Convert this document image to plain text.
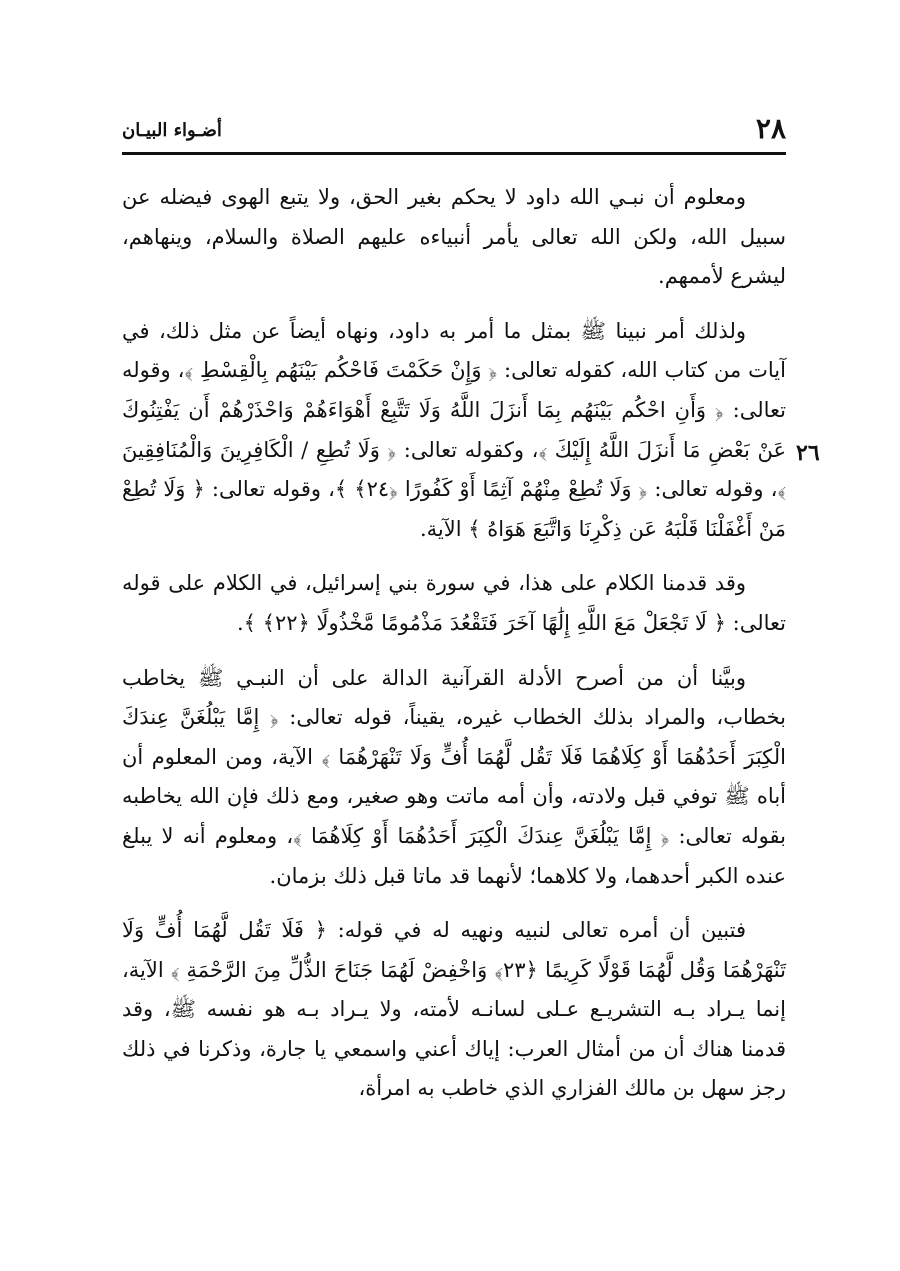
٢٨
أضـواء البيـان
٢٦

ومعلوم أن نبـي الله داود لا يحكم بغير الحق، ولا يتبع الهوى فيضله عن سبيل الله، ولكن الله تعالى يأمر أنبياءه عليهم الصلاة والسلام، وينهاهم، ليشرع لأممهم.

ولذلك أمر نبينا ﷺ بمثل ما أمر به داود، ونهاه أيضاً عن مثل ذلك، في آيات من كتاب الله، كقوله تعالى: ﴿ وَإِنْ حَكَمْتَ فَاحْكُم بَيْنَهُم بِالْقِسْطِ ﴾، وقوله تعالى: ﴿ وَأَنِ احْكُم بَيْنَهُم بِمَا أَنزَلَ اللَّهُ وَلَا تَتَّبِعْ أَهْوَاءَهُمْ وَاحْذَرْهُمْ أَن يَفْتِنُوكَ عَنْ بَعْضِ مَا أَنزَلَ اللَّهُ إِلَيْكَ ﴾، وكقوله تعالى: ﴿ وَلَا تُطِعِ / الْكَافِرِينَ وَالْمُنَافِقِينَ ﴾، وقوله تعالى: ﴿ وَلَا تُطِعْ مِنْهُمْ آثِمًا أَوْ كَفُورًا ﴿٢٤﴾ ﴾، وقوله تعالى: ﴿ وَلَا تُطِعْ مَنْ أَغْفَلْنَا قَلْبَهُ عَن ذِكْرِنَا وَاتَّبَعَ هَوَاهُ ﴾ الآية.

وقد قدمنا الكلام على هذا، في سورة بني إسرائيل، في الكلام على قوله تعالى: ﴿ لَا تَجْعَلْ مَعَ اللَّهِ إِلَٰهًا آخَرَ فَتَقْعُدَ مَذْمُومًا مَّخْذُولًا ﴿٢٢﴾ ﴾.

وبيَّنا أن من أصرح الأدلة القرآنية الدالة على أن النبـي ﷺ يخاطب بخطاب، والمراد بذلك الخطاب غيره، يقيناً، قوله تعالى: ﴿ إِمَّا يَبْلُغَنَّ عِندَكَ الْكِبَرَ أَحَدُهُمَا أَوْ كِلَاهُمَا فَلَا تَقُل لَّهُمَا أُفٍّ وَلَا تَنْهَرْهُمَا ﴾ الآية، ومن المعلوم أن أباه ﷺ توفي قبل ولادته، وأن أمه ماتت وهو صغير، ومع ذلك فإن الله يخاطبه بقوله تعالى: ﴿ إِمَّا يَبْلُغَنَّ عِندَكَ الْكِبَرَ أَحَدُهُمَا أَوْ كِلَاهُمَا ﴾، ومعلوم أنه لا يبلغ عنده الكبر أحدهما، ولا كلاهما؛ لأنهما قد ماتا قبل ذلك بزمان.

فتبين أن أمره تعالى لنبيه ونهيه له في قوله: ﴿ فَلَا تَقُل لَّهُمَا أُفٍّ وَلَا تَنْهَرْهُمَا وَقُل لَّهُمَا قَوْلًا كَرِيمًا ﴿٢٣﴾ وَاخْفِضْ لَهُمَا جَنَاحَ الذُّلِّ مِنَ الرَّحْمَةِ ﴾ الآية، إنما يـراد بـه التشريـع عـلى لسانـه لأمته، ولا يـراد بـه هو نفسه ﷺ، وقد قدمنا هناك أن من أمثال العرب: إياك أعني واسمعي يا جارة، وذكرنا في ذلك رجز سهل بن مالك الفزاري الذي خاطب به امرأة،
